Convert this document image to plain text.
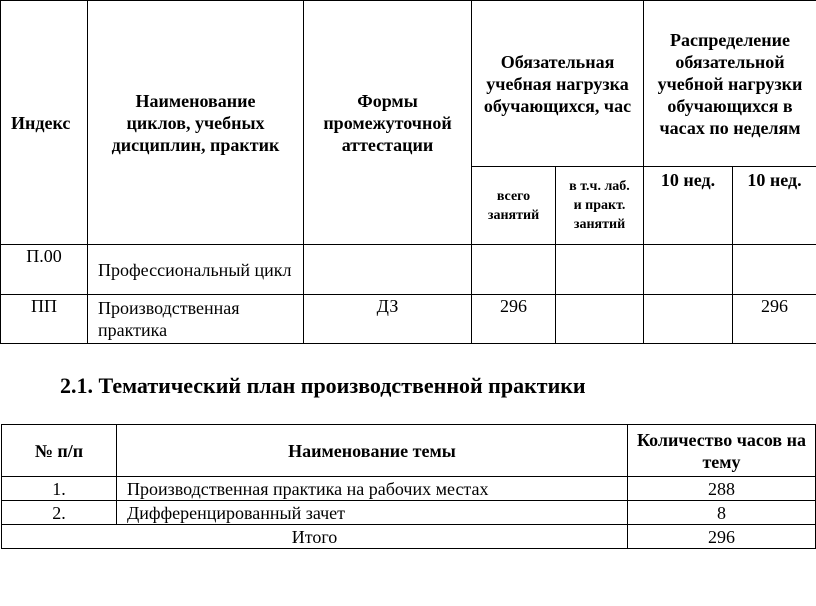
Индекс	Наименование циклов, учебных дисциплин, практик	Формы промежуточной аттестации	Обязательная учебная нагрузка обучающихся, час		Распределение обязательной учебной нагрузки обучающихся в часах по неделям	
			всего занятий	в т.ч. лаб. и практ. занятий	10 нед.	10 нед.
П.00	Профессиональный цикл					
ПП	Производственная практика	ДЗ	296			296
2.1. Тематический план производственной практики
№ п/п	Наименование темы	Количество часов на тему
1.	Производственная практика на рабочих местах	288
2.	Дифференцированный зачет	8
Итого		296
